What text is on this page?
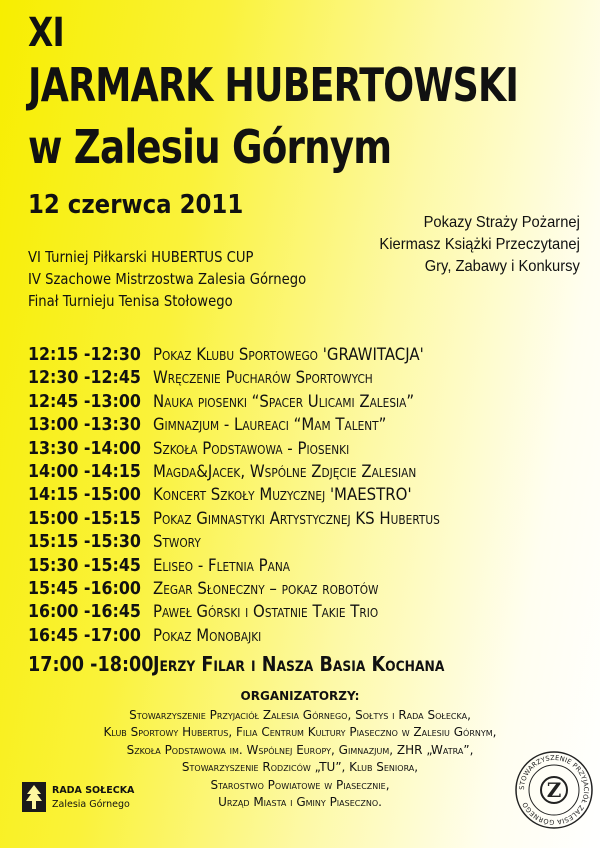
XI
JARMARK HUBERTOWSKI
w Zalesiu Górnym
12 czerwca 2011
Pokazy Straży Pożarnej
Kiermasz Książki Przeczytanej
Gry, Zabawy i Konkursy
VI Turniej Piłkarski HUBERTUS CUP
IV Szachowe Mistrzostwa Zalesia Górnego
Finał Turnieju Tenisa Stołowego
12:15 -12:30 Pokaz Klubu Sportowego 'GRAWITACJA'
12:30 -12:45 Wręczenie Pucharów Sportowych
12:45 -13:00 Nauka piosenki “Spacer Ulicami Zalesia”
13:00 -13:30 Gimnazjum - Laureaci “Mam Talent”
13:30 -14:00 Szkoła Podstawowa - Piosenki
14:00 -14:15 Magda&Jacek, Wspólne Zdjęcie Zalesian
14:15 -15:00 Koncert Szkoły Muzycznej 'MAESTRO'
15:00 -15:15 Pokaz Gimnastyki Artystycznej KS Hubertus
15:15 -15:30 Stwory
15:30 -15:45 Eliseo - Fletnia Pana
15:45 -16:00 Zegar Słoneczny – pokaz robotów
16:00 -16:45 Paweł Górski i Ostatnie Takie Trio
16:45 -17:00 Pokaz Monobajki
17:00 -18:00Jerzy Filar i Nasza Basia Kochana
ORGANIZATORZY:
Stowarzyszenie Przyjaciół Zalesia Górnego, Sołtys i Rada Sołecka,
Klub Sportowy Hubertus, Filia Centrum Kultury Piaseczno w Zalesiu Górnym,
Szkoła Podstawowa im. Wspólnej Europy, Gimnazjum, ZHR „Watra”,
Stowarzyszenie Rodziców „TU”, Klub Seniora,
Starostwo Powiatowe w Piasecznie,
Urząd Miasta i Gminy Piaseczno.
RADA SOŁECKA
Zalesia Górnego
STOWARZYSZENIE PRZYJACIÓŁ ZALESIA GÓRNEGO
Z
